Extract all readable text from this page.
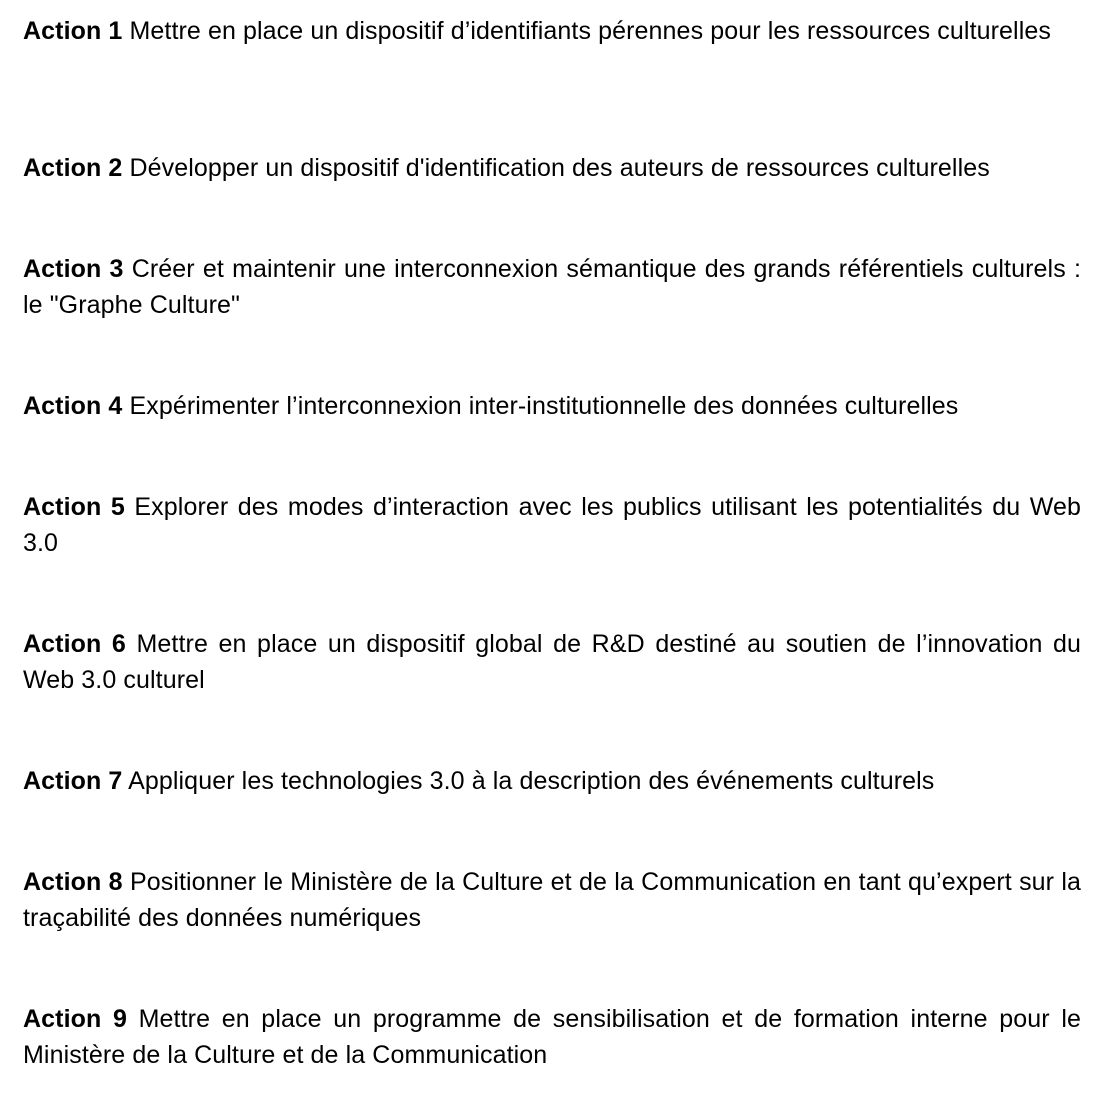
Action 1 Mettre en place un dispositif d’identifiants pérennes pour les ressources culturelles

Action 2 Développer un dispositif d'identification des auteurs de ressources culturelles

Action 3 Créer et maintenir une interconnexion sémantique des grands référentiels culturels : le "Graphe Culture"

Action 4 Expérimenter l’interconnexion inter-institutionnelle des données culturelles

Action 5 Explorer des modes d’interaction avec les publics utilisant les potentialités du Web 3.0

Action 6 Mettre en place un dispositif global de R&D destiné au soutien de l’innovation du Web 3.0 culturel

Action 7 Appliquer les technologies 3.0 à la description des événements culturels

Action 8 Positionner le Ministère de la Culture et de la Communication en tant qu’expert sur la traçabilité des données numériques

Action 9 Mettre en place un programme de sensibilisation et de formation interne pour le Ministère de la Culture et de la Communication
